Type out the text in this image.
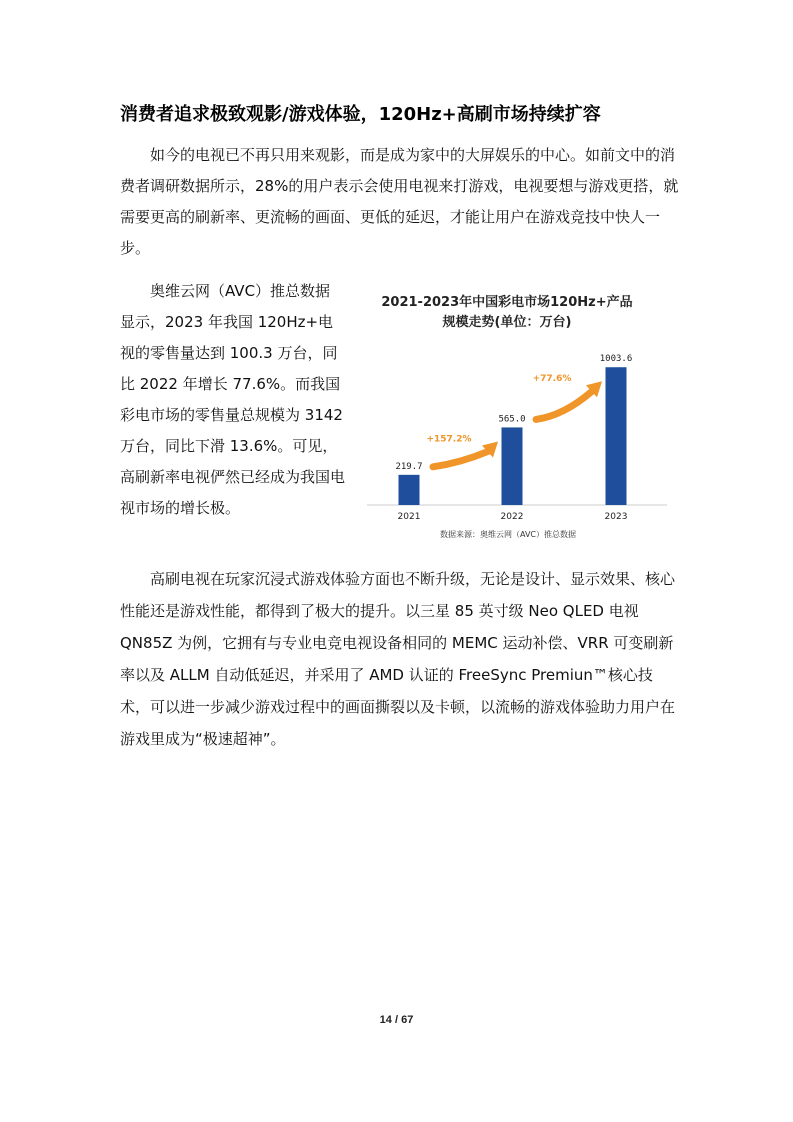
消费者追求极致观影/游戏体验，120Hz+高刷市场持续扩容

如今的电视已不再只用来观影，而是成为家中的大屏娱乐的中心。如前文中的消费者调研数据所示，28%的用户表示会使用电视来打游戏，电视要想与游戏更搭，就需要更高的刷新率、更流畅的画面、更低的延迟，才能让用户在游戏竞技中快人一步。

奥维云网（AVC）推总数据显示，2023 年我国 120Hz+电视的零售量达到 100.3 万台，同比 2022 年增长 77.6%。而我国彩电市场的零售量总规模为 3142 万台，同比下滑 13.6%。可见，高刷新率电视俨然已经成为我国电视市场的增长极。

2021-2023年中国彩电市场120Hz+产品
规模走势(单位：万台)
219.7
2021
565.0
2022
1003.6
2023
+157.2%
+77.6%
数据来源：奥维云网（AVC）推总数据

高刷电视在玩家沉浸式游戏体验方面也不断升级，无论是设计、显示效果、核心性能还是游戏性能，都得到了极大的提升。以三星 85 英寸级 Neo QLED 电视 QN85Z 为例，它拥有与专业电竞电视设备相同的 MEMC 运动补偿、VRR 可变刷新率以及 ALLM 自动低延迟，并采用了 AMD 认证的 FreeSync Premiun™核心技术，可以进一步减少游戏过程中的画面撕裂以及卡顿，以流畅的游戏体验助力用户在游戏里成为“极速超神”。

14 / 67
